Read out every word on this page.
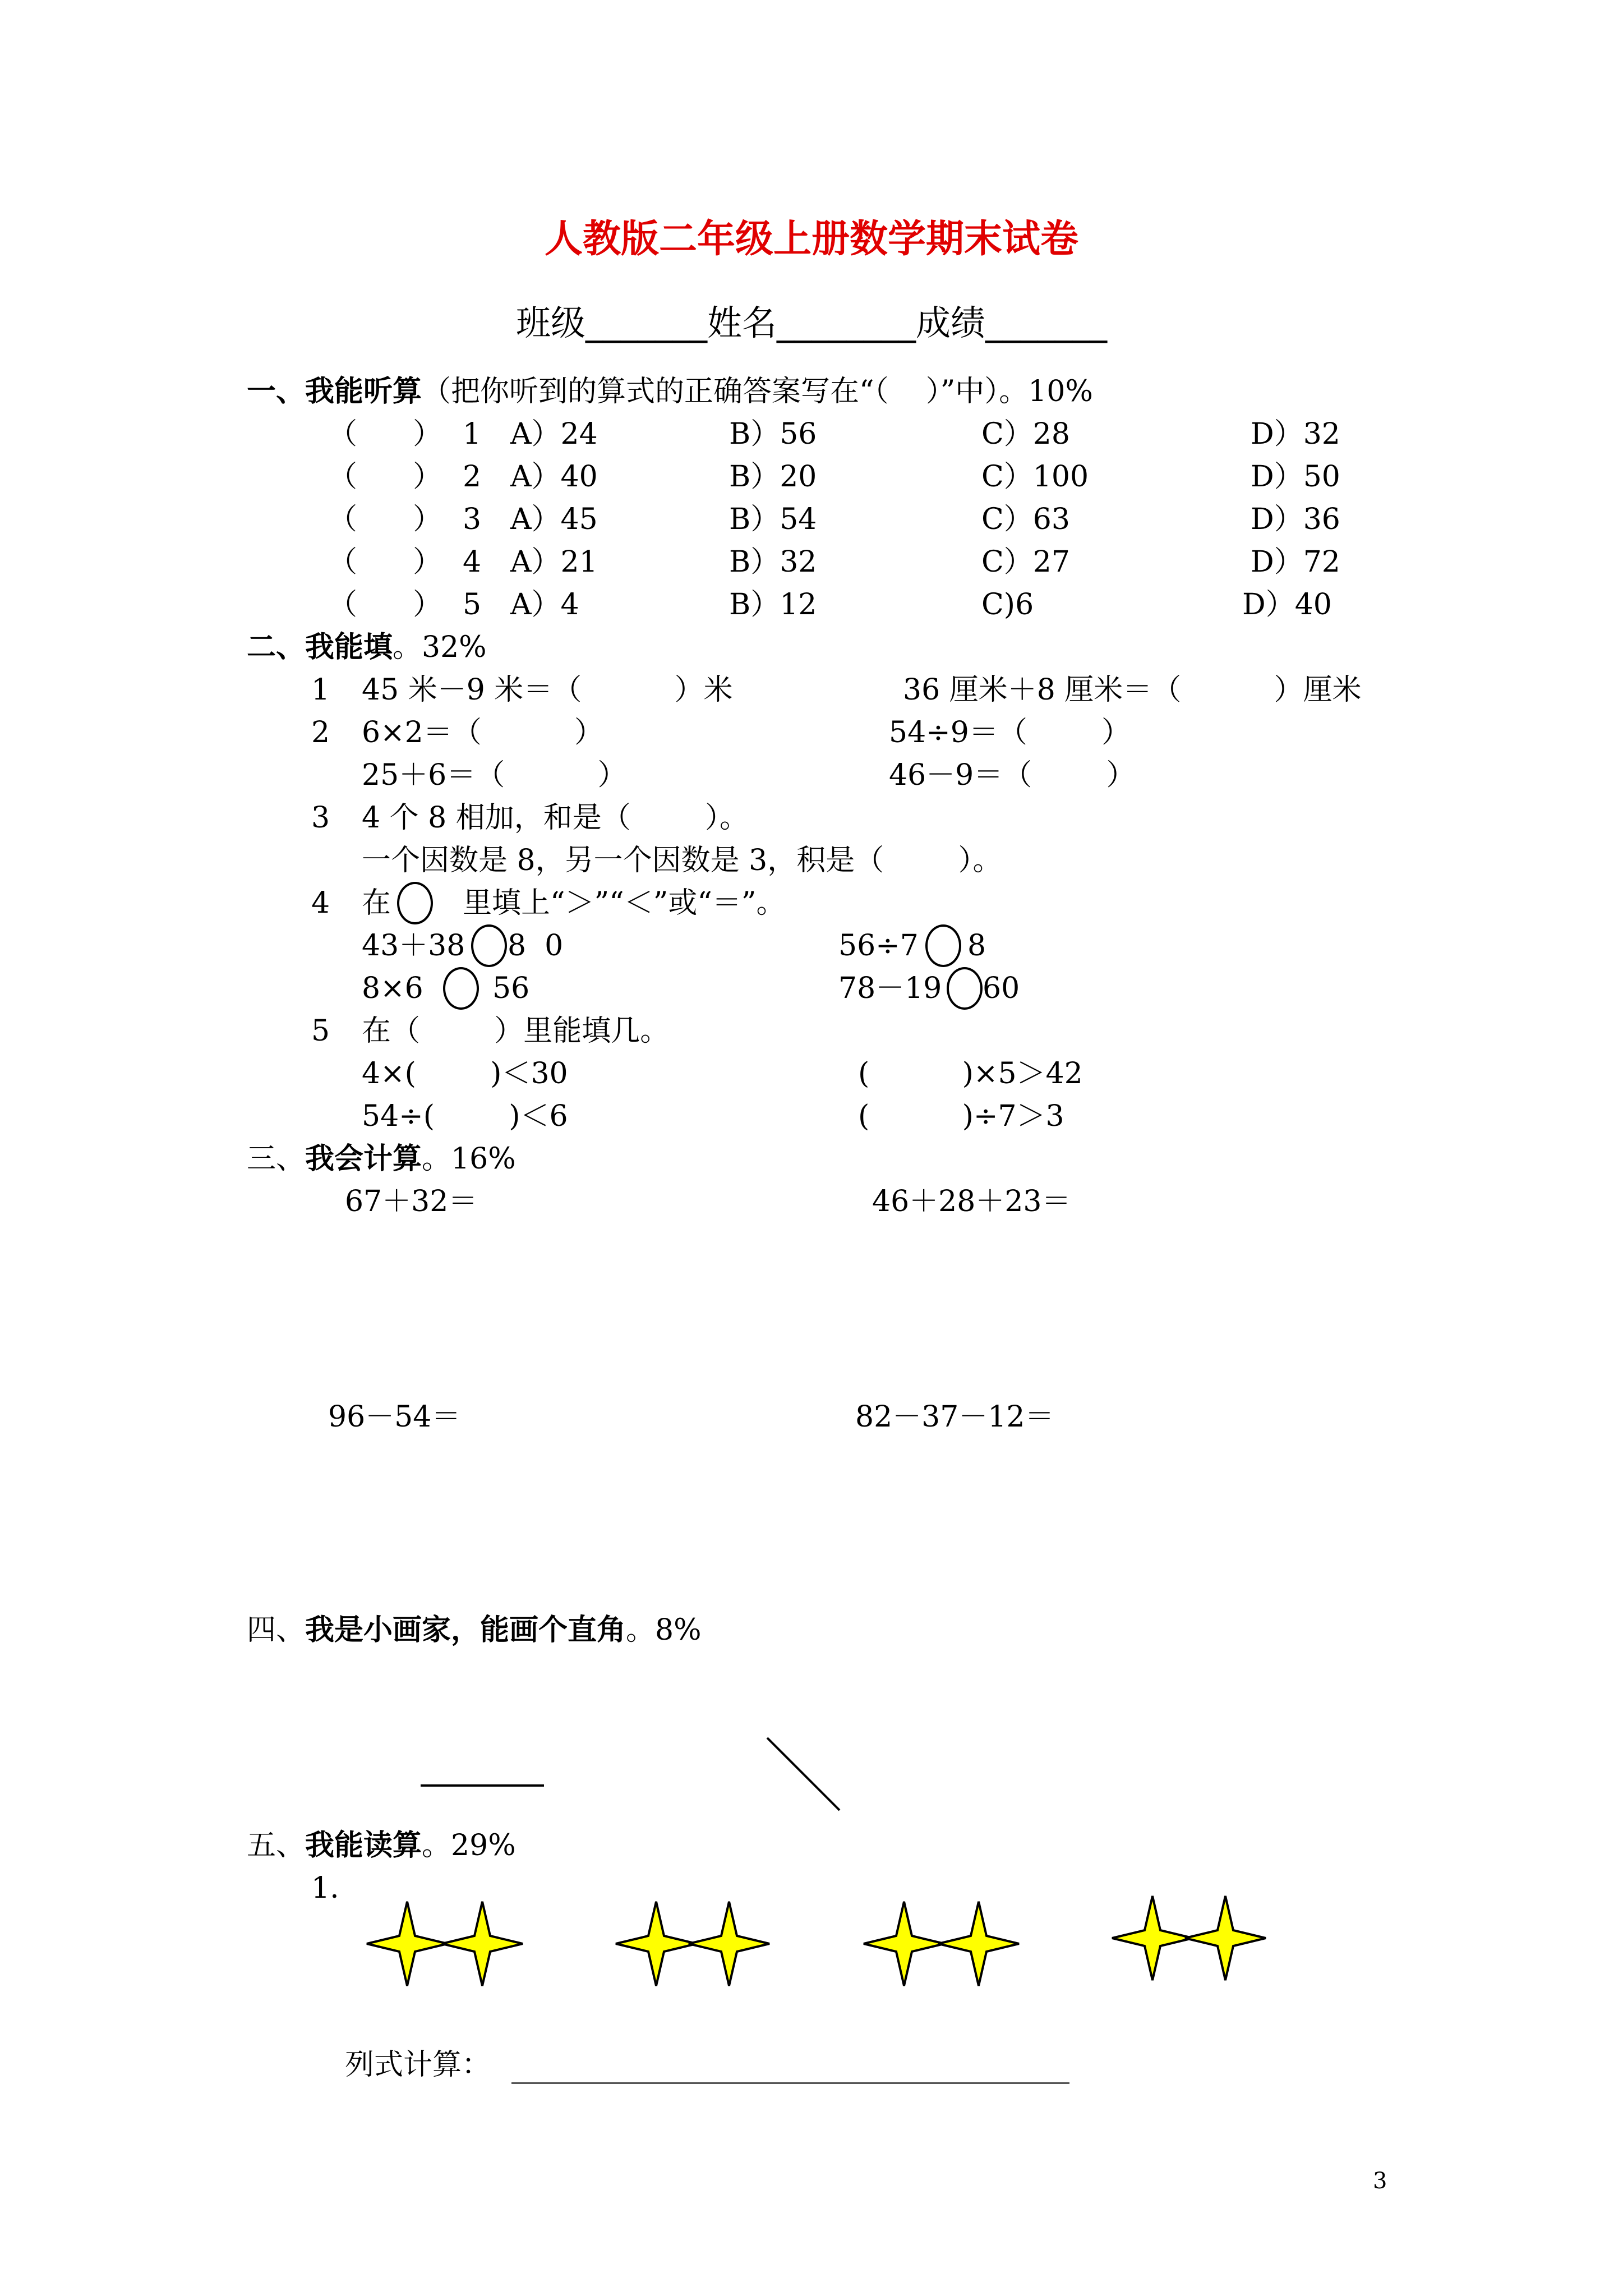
人教版二年级上册数学期末试卷
班级_______姓名________成绩_______
一、我能听算（把你听到的算式的正确答案写在“（    ）”中）。10%
（      ） 1 A）24	B）56	C）28	D）32
（      ） 2 A）40	B）20	C）100	D）50
（      ） 3 A）45	B）54	C）63	D）36
（      ） 4 A）21	B）32	C）27	D）72
（      ） 5 A）4	B）12	C)6	D）40
二、我能填。32%
1 45 米－9 米＝（          ）米	36 厘米＋8 厘米＝（          ）厘米
2 6×2＝（          ）	54÷9＝（        ）
25＋6＝（          ）	46－9＝（        ）
3 4 个 8 相加，和是（        ）。
一个因数是 8，另一个因数是 3，积是（        ）。
4 在 里填上“＞”“＜”或“＝”。
43＋38 8  0	56÷7 8
8×6 56	78－19 60
5 在（        ）里能填几。
4×(        )＜30	(          )×5＞42
54÷(        )＜6	(          )÷7＞3
三、我会计算。16%
67＋32＝	46＋28＋23＝
96－54＝	82－37－12＝
四、我是小画家，能画个直角。8%
五、我能读算。29%
1.
列式计算：
3
